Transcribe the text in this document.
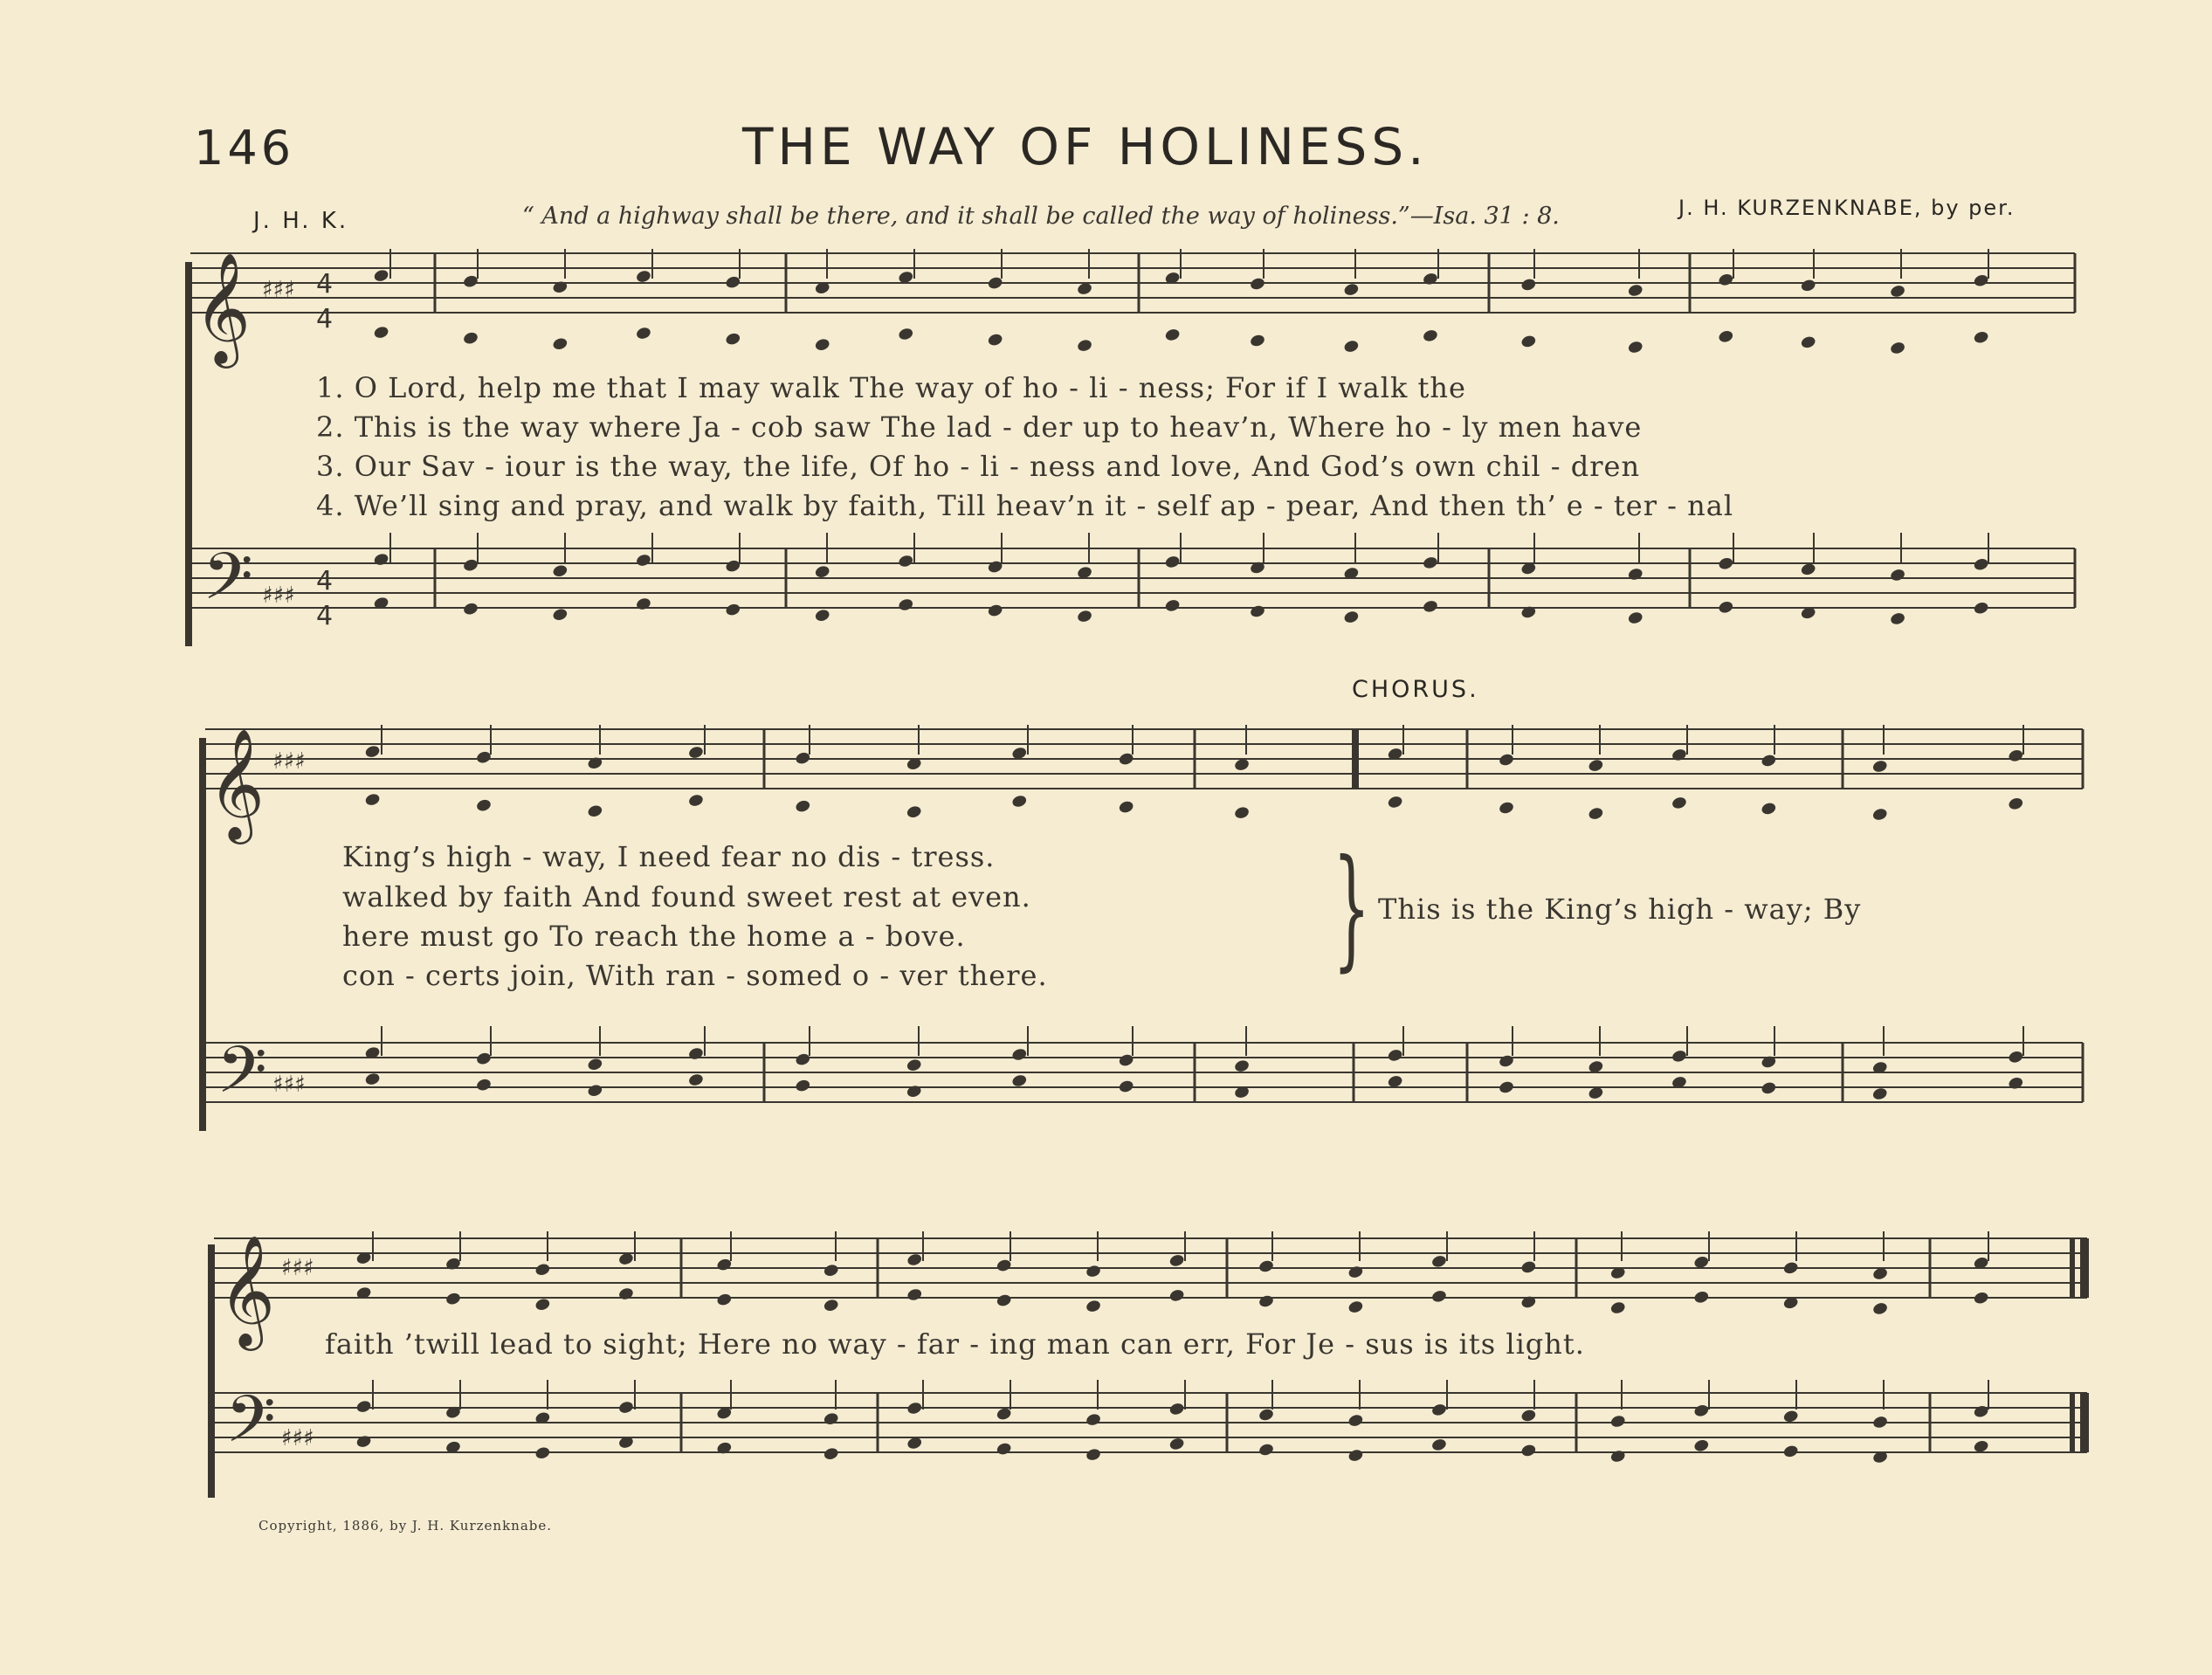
146	THE WAY OF HOLINESS.
J. H. K.	“ And a highway shall be there, and it shall be called the way of holiness.”—Isa. 31 : 8.	J. H. KURZENKNABE, by per.
𝄞
𝄢
♯♯♯
♯♯♯
4
4
4
4
𝄞
𝄢
♯♯♯
♯♯♯
𝄞
𝄢
♯♯♯
♯♯♯
1. O Lord, help me that I may walk The way of ho - li - ness; For if I walk the
2. This is the way where Ja - cob saw The lad - der up to heav’n, Where ho - ly men have
3. Our Sav - iour is the way, the life, Of ho - li - ness and love, And God’s own chil - dren
4. We’ll sing and pray, and walk by faith, Till heav’n it - self ap - pear, And then th’ e - ter - nal
CHORUS.
King’s high - way, I need fear no dis - tress.
walked by faith And found sweet rest at even.
here must go To reach the home a - bove.
con - certs join, With ran - somed o - ver there. } This is the King’s high - way; By
faith ’twill lead to sight; Here no way - far - ing man can err, For Je - sus is its light.
Copyright, 1886, by J. H. Kurzenknabe.
